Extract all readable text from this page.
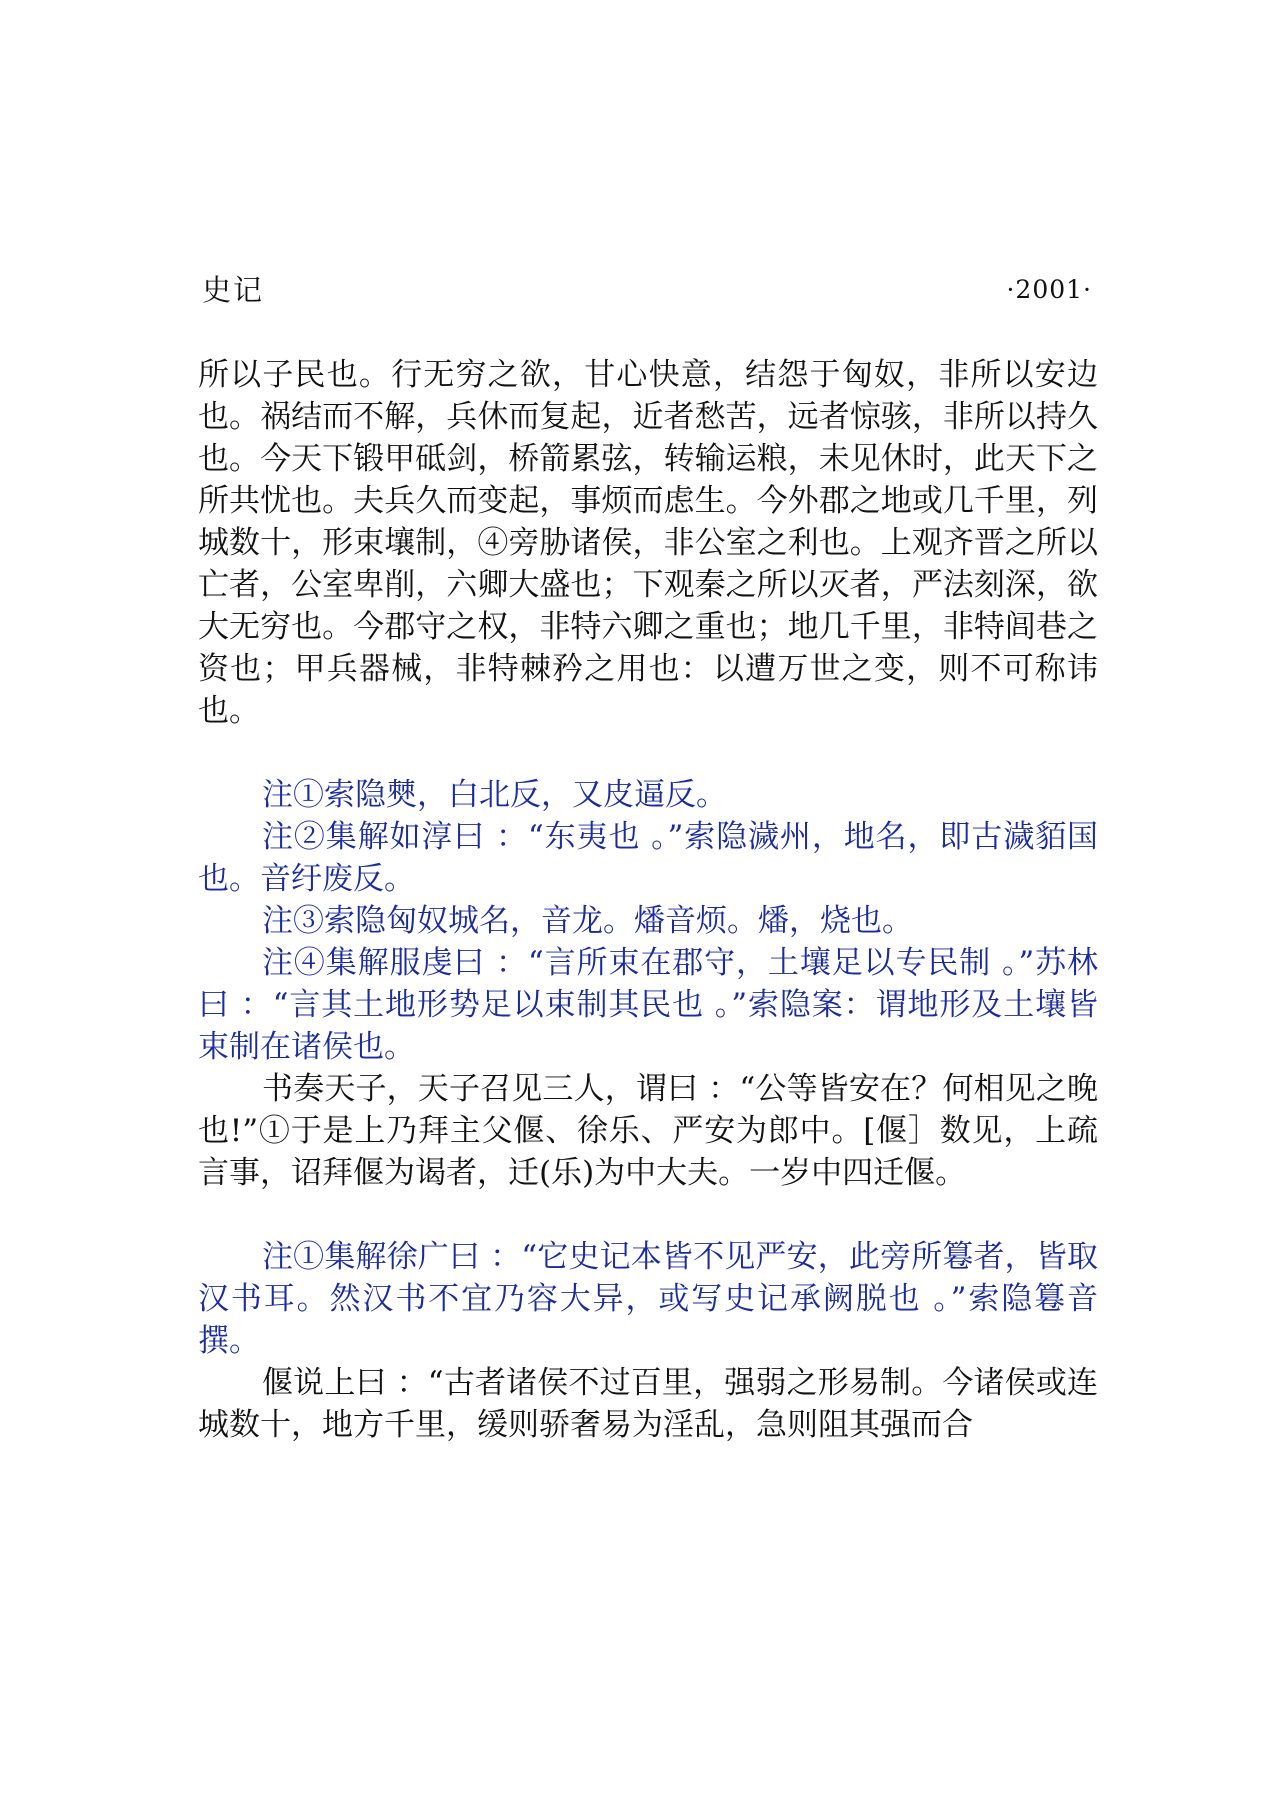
史记	·2001·

所以子民也。行无穷之欲，甘心快意，结怨于匈奴，非所以安边也。祸结而不解，兵休而复起，近者愁苦，远者惊骇，非所以持久也。今天下锻甲砥剑，桥箭累弦，转输运粮，未见休时，此天下之所共忧也。夫兵久而变起，事烦而虑生。今外郡之地或几千里，列城数十，形束壤制，④旁胁诸侯，非公室之利也。上观齐晋之所以亡者，公室卑削，六卿大盛也；下观秦之所以灭者，严法刻深，欲大无穷也。今郡守之权，非特六卿之重也；地几千里，非特闾巷之资也；甲兵器械，非特棘矜之用也：以遭万世之变，则不可称讳也。

注①索隐僰，白北反，又皮逼反。

注②集解如淳曰 ：“东夷也 。”索隐濊州，地名，即古濊貊国也。音纡废反。

注③索隐匈奴城名，音龙。燔音烦。燔，烧也。

注④集解服虔曰 ：“言所束在郡守，土壤足以专民制 。”苏林曰 ：“言其土地形势足以束制其民也 。”索隐案：谓地形及土壤皆束制在诸侯也。

书奏天子，天子召见三人，谓曰 ：“公等皆安在？何相见之晚也!”①于是上乃拜主父偃、徐乐、严安为郎中。[偃］数见，上疏言事，诏拜偃为谒者，迁(乐)为中大夫。一岁中四迁偃。

注①集解徐广曰 ：“它史记本皆不见严安，此旁所篹者，皆取汉书耳。然汉书不宜乃容大异，或写史记承阙脱也 。”索隐篹音撰。

偃说上曰 ：“古者诸侯不过百里，强弱之形易制。今诸侯或连城数十，地方千里，缓则骄奢易为淫乱，急则阻其强而合
